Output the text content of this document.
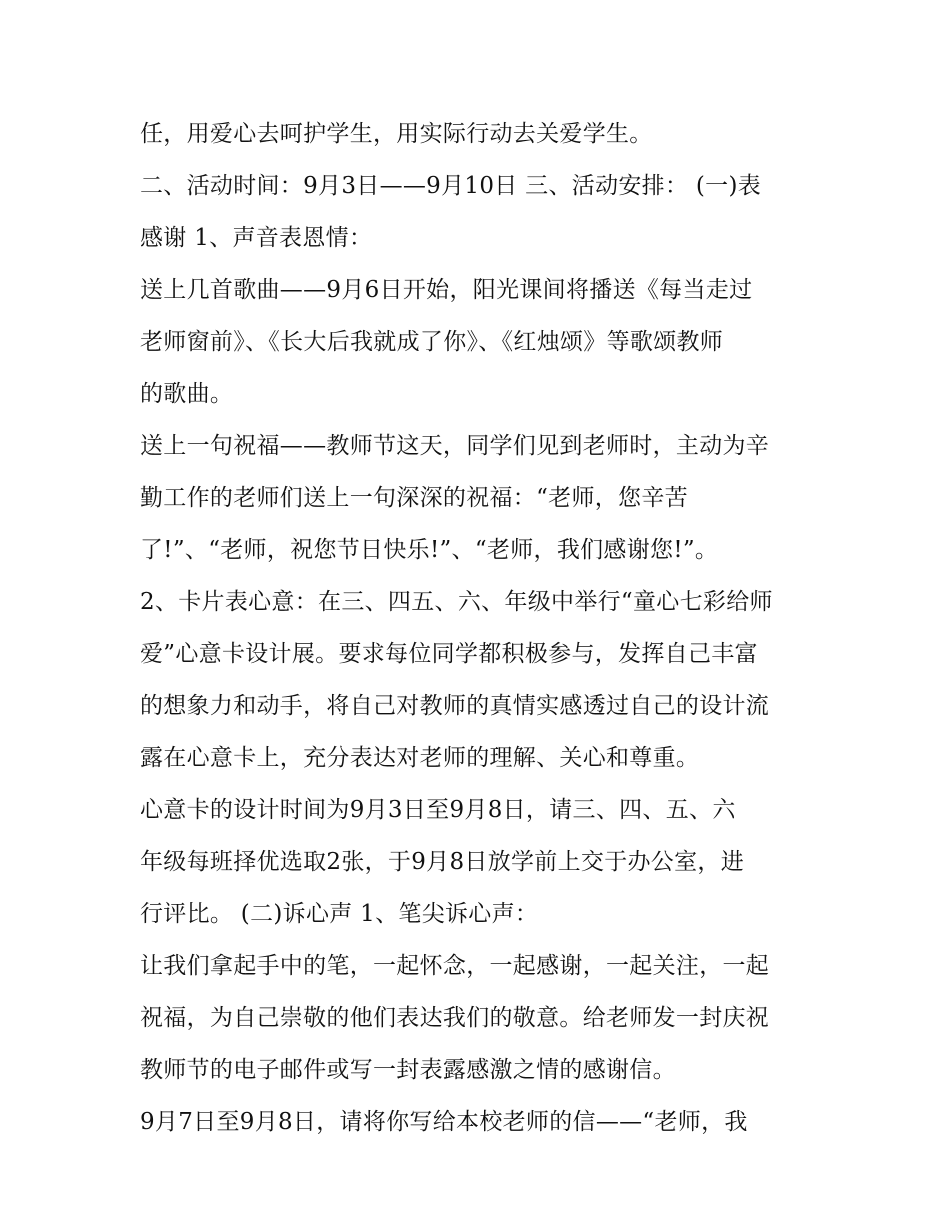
任，用爱心去呵护学生，用实际行动去关爱学生。
二、活动时间：9月3日——9月10日 三、活动安排： (一)表
感谢 1、声音表恩情：
送上几首歌曲——9月6日开始，阳光课间将播送《每当走过
老师窗前》、《长大后我就成了你》、《红烛颂》等歌颂教师
的歌曲。
送上一句祝福——教师节这天，同学们见到老师时，主动为辛
勤工作的老师们送上一句深深的祝福：“老师，您辛苦
了!”、“老师，祝您节日快乐!”、“老师，我们感谢您!”。
2、卡片表心意：在三、四五、六、年级中举行“童心七彩给师
爱”心意卡设计展。要求每位同学都积极参与，发挥自己丰富
的想象力和动手，将自己对教师的真情实感透过自己的设计流
露在心意卡上，充分表达对老师的理解、关心和尊重。
心意卡的设计时间为9月3日至9月8日，请三、四、五、六
年级每班择优选取2张，于9月8日放学前上交于办公室，进
行评比。 (二)诉心声 1、笔尖诉心声：
让我们拿起手中的笔，一起怀念，一起感谢，一起关注，一起
祝福，为自己崇敬的他们表达我们的敬意。给老师发一封庆祝
教师节的电子邮件或写一封表露感激之情的感谢信。
9月7日至9月8日，请将你写给本校老师的信——“老师，我
